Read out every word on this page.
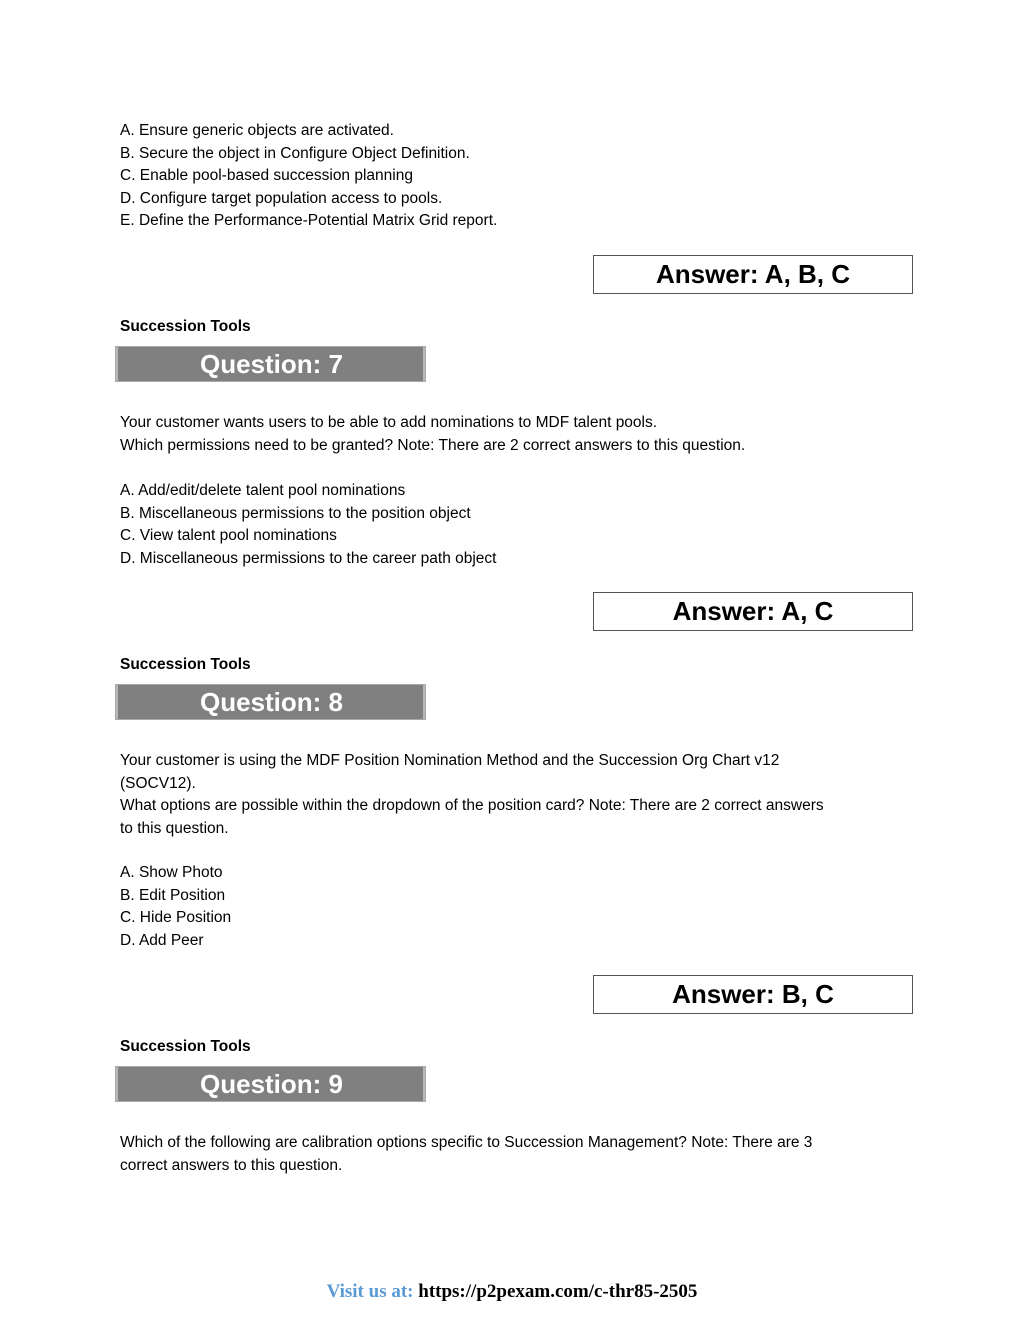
A. Ensure generic objects are activated.
B. Secure the object in Configure Object Definition.
C. Enable pool-based succession planning
D. Configure target population access to pools.
E. Define the Performance-Potential Matrix Grid report.
Answer: A, B, C
Succession Tools
Question: 7
Your customer wants users to be able to add nominations to MDF talent pools.
Which permissions need to be granted? Note: There are 2 correct answers to this question.
A. Add/edit/delete talent pool nominations
B. Miscellaneous permissions to the position object
C. View talent pool nominations
D. Miscellaneous permissions to the career path object
Answer: A, C
Succession Tools
Question: 8
Your customer is using the MDF Position Nomination Method and the Succession Org Chart v12
(SOCV12).
What options are possible within the dropdown of the position card? Note: There are 2 correct answers
to this question.
A. Show Photo
B. Edit Position
C. Hide Position
D. Add Peer
Answer: B, C
Succession Tools
Question: 9
Which of the following are calibration options specific to Succession Management? Note: There are 3
correct answers to this question.
Visit us at: https://p2pexam.com/c-thr85-2505
